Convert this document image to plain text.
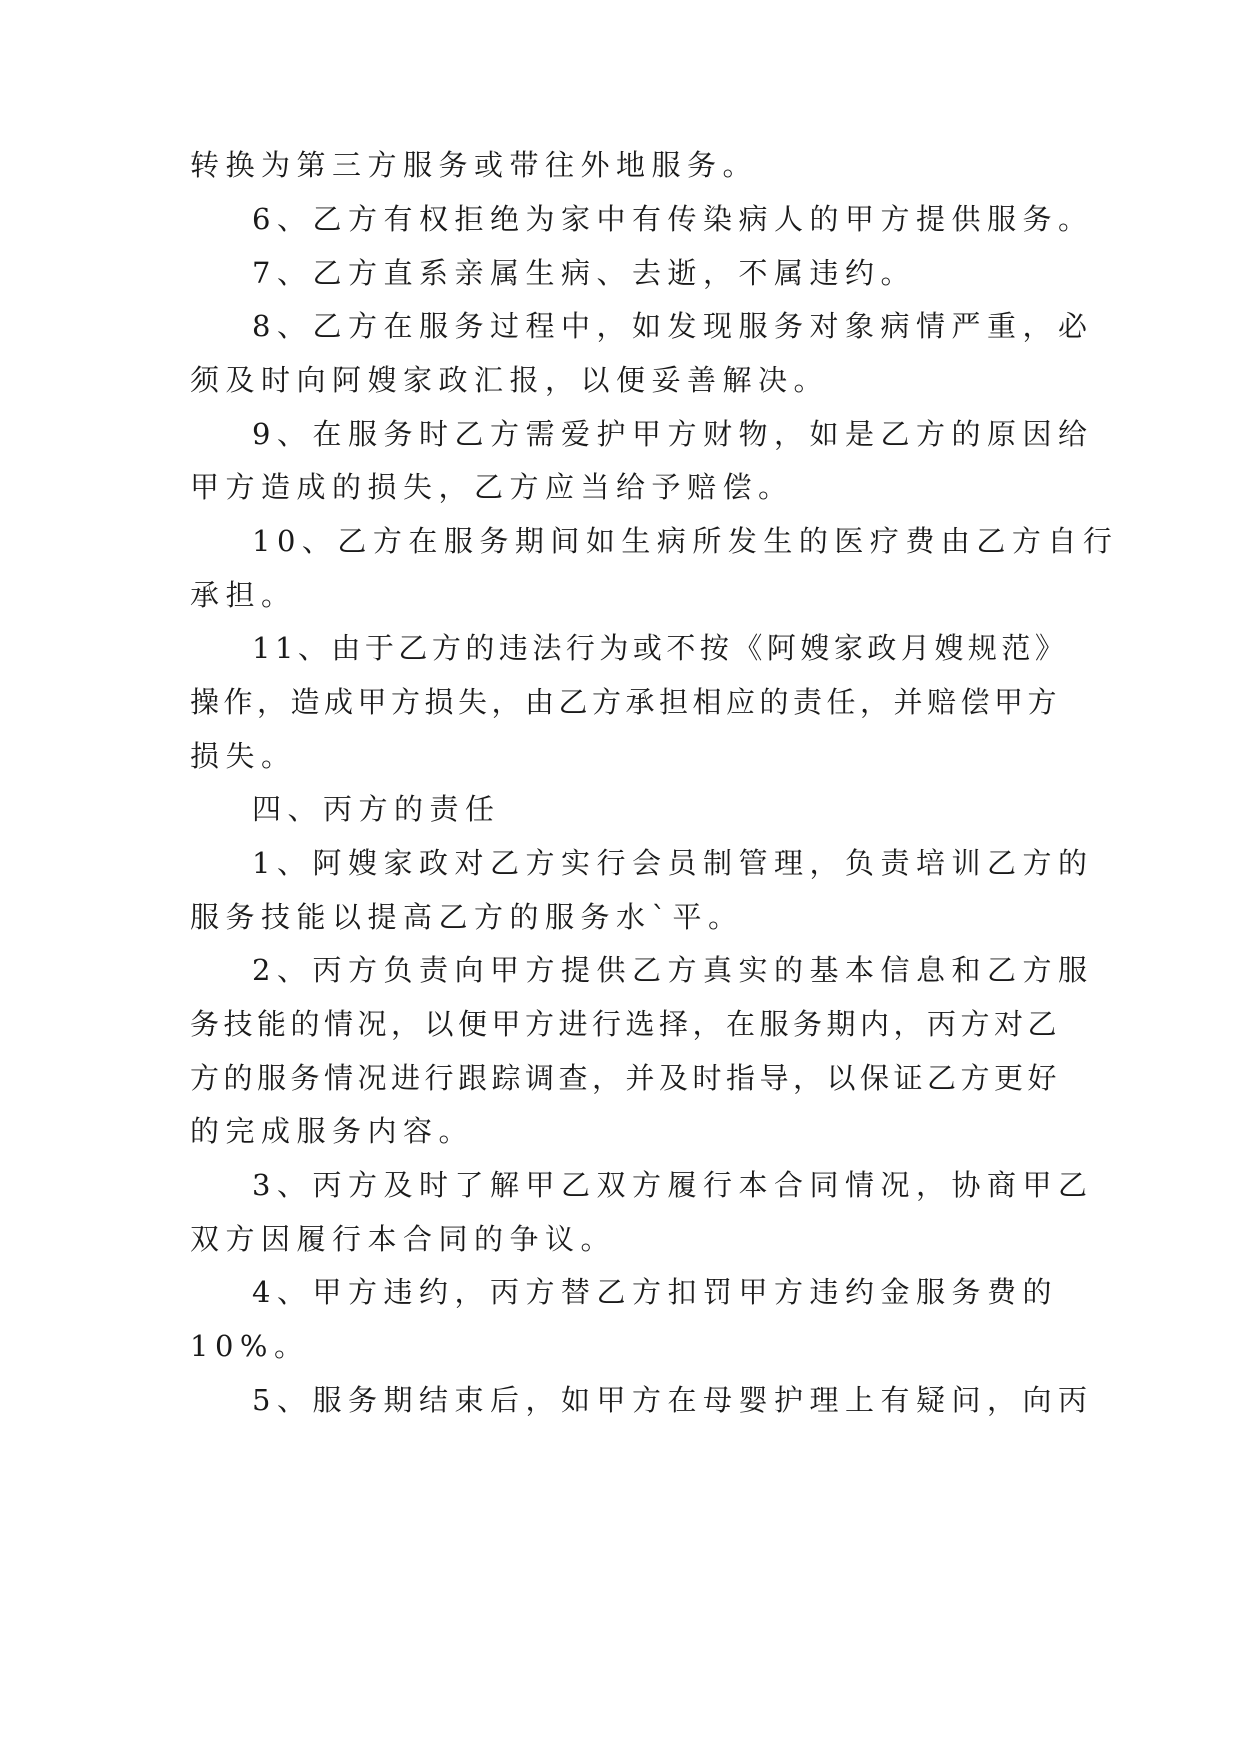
转换为第三方服务或带往外地服务。
6、乙方有权拒绝为家中有传染病人的甲方提供服务。
7、乙方直系亲属生病、去逝，不属违约。
8、乙方在服务过程中，如发现服务对象病情严重，必
须及时向阿嫂家政汇报，以便妥善解决。
9、在服务时乙方需爱护甲方财物，如是乙方的原因给
甲方造成的损失，乙方应当给予赔偿。
10、乙方在服务期间如生病所发生的医疗费由乙方自行
承担。
11、由于乙方的违法行为或不按《阿嫂家政月嫂规范》
操作，造成甲方损失，由乙方承担相应的责任，并赔偿甲方
损失。
四、丙方的责任
1、阿嫂家政对乙方实行会员制管理，负责培训乙方的
服务技能以提高乙方的服务水`平。
2、丙方负责向甲方提供乙方真实的基本信息和乙方服
务技能的情况，以便甲方进行选择，在服务期内，丙方对乙
方的服务情况进行跟踪调查，并及时指导，以保证乙方更好
的完成服务内容。
3、丙方及时了解甲乙双方履行本合同情况，协商甲乙
双方因履行本合同的争议。
4、甲方违约，丙方替乙方扣罚甲方违约金服务费的
10%。
5、服务期结束后，如甲方在母婴护理上有疑问，向丙
